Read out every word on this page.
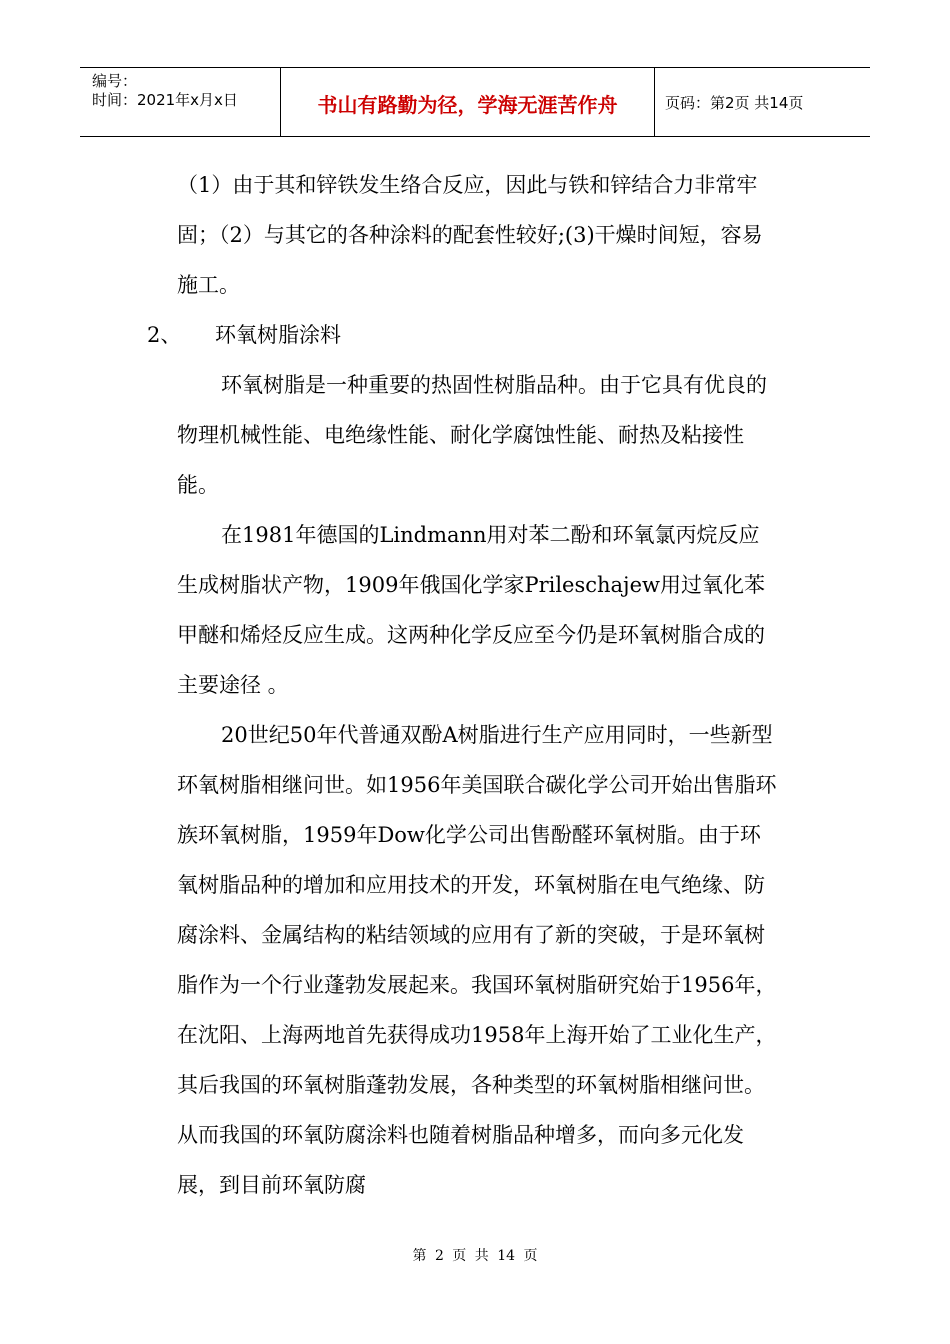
编号：
时间：2021年x月x日	书山有路勤为径，学海无涯苦作舟	页码：第2页 共14页

（1）由于其和锌铁发生络合反应，因此与铁和锌结合力非常牢固；（2）与其它的各种涂料的配套性较好;(3)干燥时间短，容易施工。

2、 环氧树脂涂料

环氧树脂是一种重要的热固性树脂品种。由于它具有优良的物理机械性能、电绝缘性能、耐化学腐蚀性能、耐热及粘接性能。

在1981年德国的Lindmann用对苯二酚和环氧氯丙烷反应生成树脂状产物，1909年俄国化学家Prileschajew用过氧化苯甲醚和烯烃反应生成。这两种化学反应至今仍是环氧树脂合成的主要途径 。

20世纪50年代普通双酚A树脂进行生产应用同时，一些新型环氧树脂相继问世。如1956年美国联合碳化学公司开始出售脂环族环氧树脂，1959年Dow化学公司出售酚醛环氧树脂。由于环氧树脂品种的增加和应用技术的开发，环氧树脂在电气绝缘、防腐涂料、金属结构的粘结领域的应用有了新的突破，于是环氧树脂作为一个行业蓬勃发展起来。我国环氧树脂研究始于1956年，在沈阳、上海两地首先获得成功1958年上海开始了工业化生产，其后我国的环氧树脂蓬勃发展，各种类型的环氧树脂相继问世。从而我国的环氧防腐涂料也随着树脂品种增多，而向多元化发展，到目前环氧防腐

第 2 页 共 14 页
